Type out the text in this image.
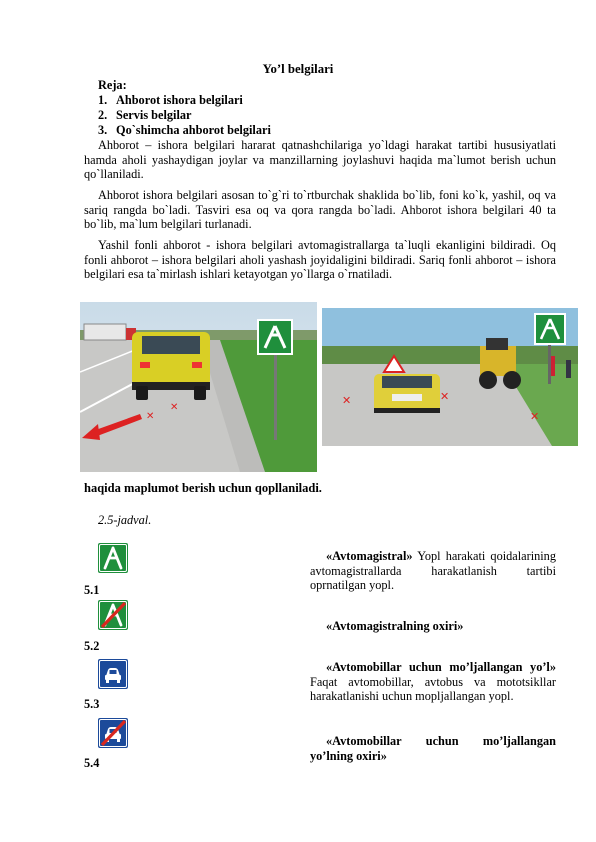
Yo’l belgilari
Reja:
1. Ahborot ishora belgilari
2. Servis belgilar
3. Qo`shimcha ahborot belgilari

Ahborot – ishora belgilari hararat qatnashchilariga yo`ldagi harakat tartibi hususiyatlati hamda aholi yashaydigan joylar va manzillarning joylashuvi haqida ma`lumot berish uchun qo`llaniladi.

Ahborot ishora belgilari asosan to`g`ri to`rtburchak shaklida bo`lib, foni ko`k, yashil, oq va sariq rangda bo`ladi. Tasviri esa oq va qora rangda bo`ladi. Ahborot ishora belgilari 40 ta bo`lib, ma`lum belgilari turlanadi.

Yashil fonli ahborot - ishora belgilari avtomagistrallarga ta`luqli ekanligini bildiradi. Oq fonli ahborot – ishora belgilari aholi yashash joyidaligini bildiradi. Sariq fonli ahborot – ishora belgilari esa ta`mirlash ishlari ketayotgan yo`llarga o`rnatiladi.

✕
✕
✕	✕
✕
haqida maplumot berish uchun qopllaniladi.
2.5-jadval.
5.1

«Avtomagistral» Yopl harakati qoidalarining avtomagistrallarda harakatlanish tartibi oprnatilgan yopl.

5.2

«Avtomagistralning oxiri»

5.3

«Avtomobillar uchun mo’ljallangan yo’l» Faqat avtomobillar, avtobus va mototsikllar harakatlanishi uchun mopljallangan yopl.

5.4

«Avtomobillar uchun mo’ljallangan yo’lning oxiri»
